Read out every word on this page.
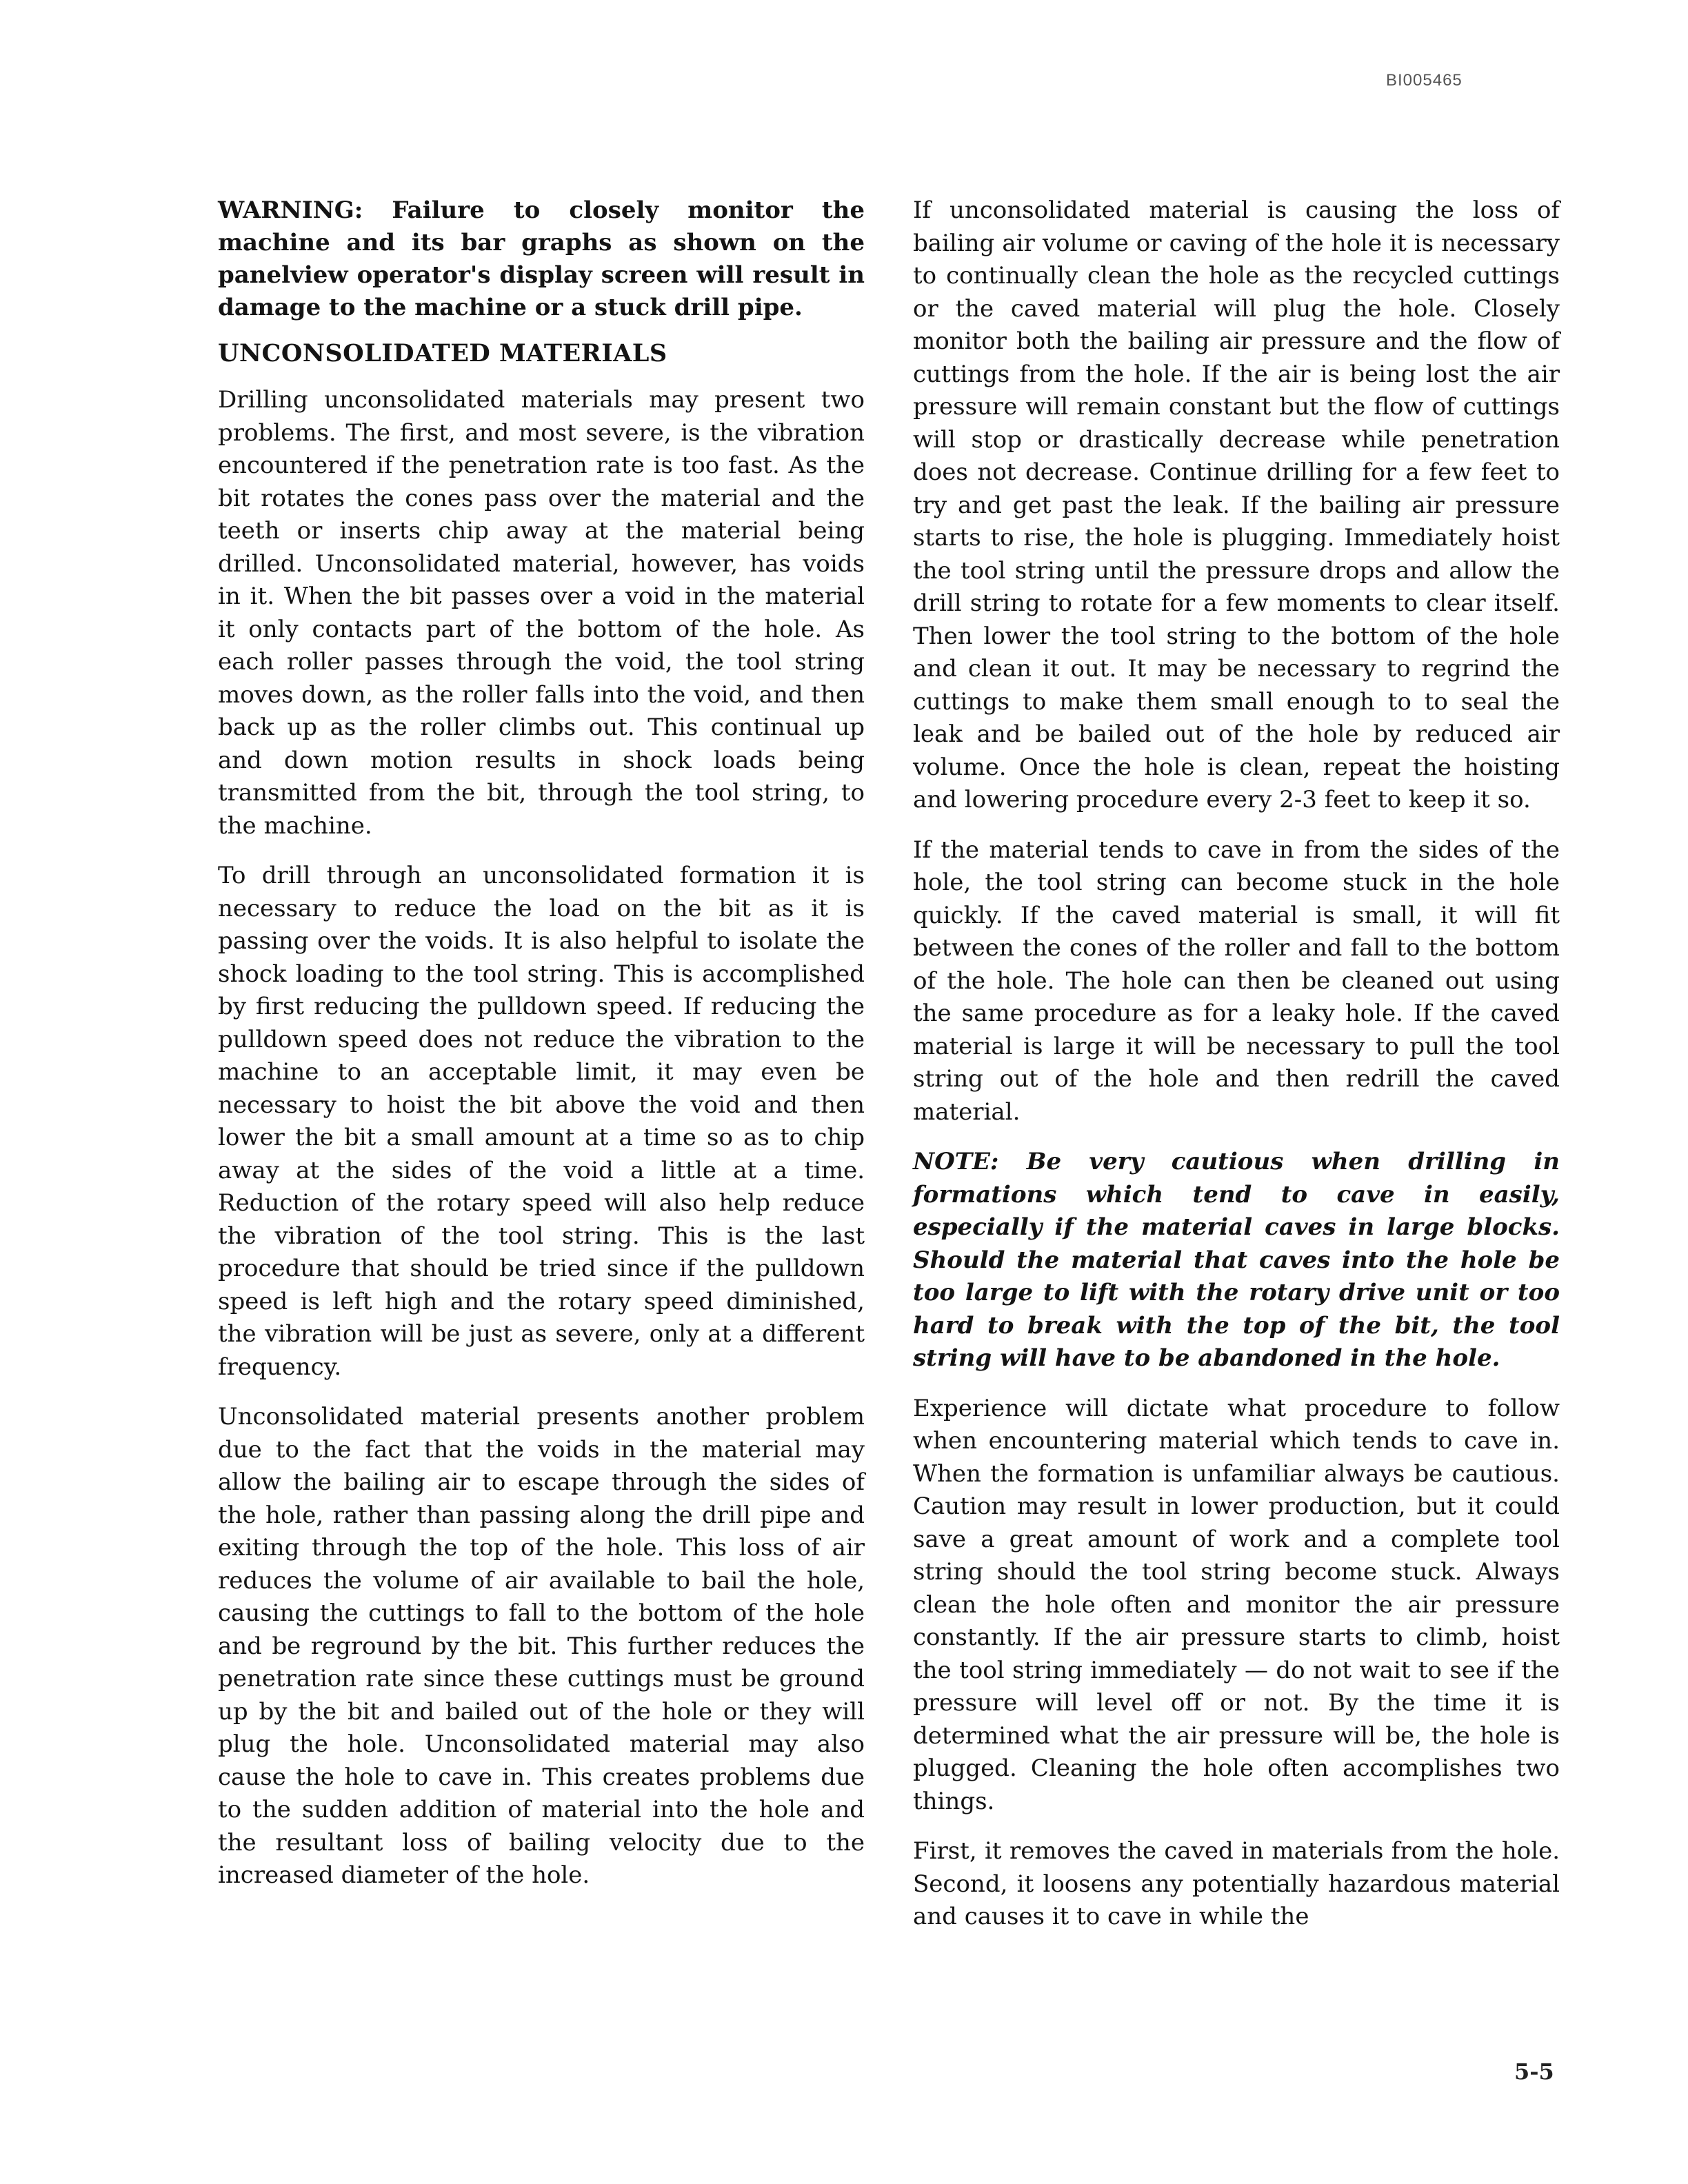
BI005465

WARNING: Failure to closely monitor the machine and its bar graphs as shown on the panelview operator's display screen will result in damage to the machine or a stuck drill pipe.

UNCONSOLIDATED MATERIALS

Drilling unconsolidated materials may present two problems. The first, and most severe, is the vibration encountered if the penetration rate is too fast. As the bit rotates the cones pass over the material and the teeth or inserts chip away at the material being drilled. Unconsolidated material, however, has voids in it. When the bit passes over a void in the material it only contacts part of the bottom of the hole. As each roller passes through the void, the tool string moves down, as the roller falls into the void, and then back up as the roller climbs out. This continual up and down motion results in shock loads being transmitted from the bit, through the tool string, to the machine.

To drill through an unconsolidated formation it is necessary to reduce the load on the bit as it is passing over the voids. It is also helpful to isolate the shock loading to the tool string. This is accomplished by first reducing the pulldown speed. If reducing the pulldown speed does not reduce the vibration to the machine to an acceptable limit, it may even be necessary to hoist the bit above the void and then lower the bit a small amount at a time so as to chip away at the sides of the void a little at a time. Reduction of the rotary speed will also help reduce the vibration of the tool string. This is the last procedure that should be tried since if the pulldown speed is left high and the rotary speed diminished, the vibration will be just as severe, only at a different frequency.

Unconsolidated material presents another problem due to the fact that the voids in the material may allow the bailing air to escape through the sides of the hole, rather than passing along the drill pipe and exiting through the top of the hole. This loss of air reduces the volume of air available to bail the hole, causing the cuttings to fall to the bottom of the hole and be reground by the bit. This further reduces the penetration rate since these cuttings must be ground up by the bit and bailed out of the hole or they will plug the hole. Unconsolidated material may also cause the hole to cave in. This creates problems due to the sudden addition of material into the hole and the resultant loss of bailing velocity due to the increased diameter of the hole.

If unconsolidated material is causing the loss of bailing air volume or caving of the hole it is necessary to continually clean the hole as the recycled cuttings or the caved material will plug the hole. Closely monitor both the bailing air pressure and the flow of cuttings from the hole. If the air is being lost the air pressure will remain constant but the flow of cuttings will stop or drastically decrease while penetration does not decrease. Continue drilling for a few feet to try and get past the leak. If the bailing air pressure starts to rise, the hole is plugging. Immediately hoist the tool string until the pressure drops and allow the drill string to rotate for a few moments to clear itself. Then lower the tool string to the bottom of the hole and clean it out. It may be necessary to regrind the cuttings to make them small enough to to seal the leak and be bailed out of the hole by reduced air volume. Once the hole is clean, repeat the hoisting and lowering procedure every 2-3 feet to keep it so.

If the material tends to cave in from the sides of the hole, the tool string can become stuck in the hole quickly. If the caved material is small, it will fit between the cones of the roller and fall to the bottom of the hole. The hole can then be cleaned out using the same procedure as for a leaky hole. If the caved material is large it will be necessary to pull the tool string out of the hole and then redrill the caved material.

NOTE: Be very cautious when drilling in formations which tend to cave in easily, especially if the material caves in large blocks. Should the material that caves into the hole be too large to lift with the rotary drive unit or too hard to break with the top of the bit, the tool string will have to be abandoned in the hole.

Experience will dictate what procedure to follow when encountering material which tends to cave in. When the formation is unfamiliar always be cautious. Caution may result in lower production, but it could save a great amount of work and a complete tool string should the tool string become stuck. Always clean the hole often and monitor the air pressure constantly. If the air pressure starts to climb, hoist the tool string immediately — do not wait to see if the pressure will level off or not. By the time it is determined what the air pressure will be, the hole is plugged. Cleaning the hole often accomplishes two things.

First, it removes the caved in materials from the hole. Second, it loosens any potentially hazardous material and causes it to cave in while the

5-5
